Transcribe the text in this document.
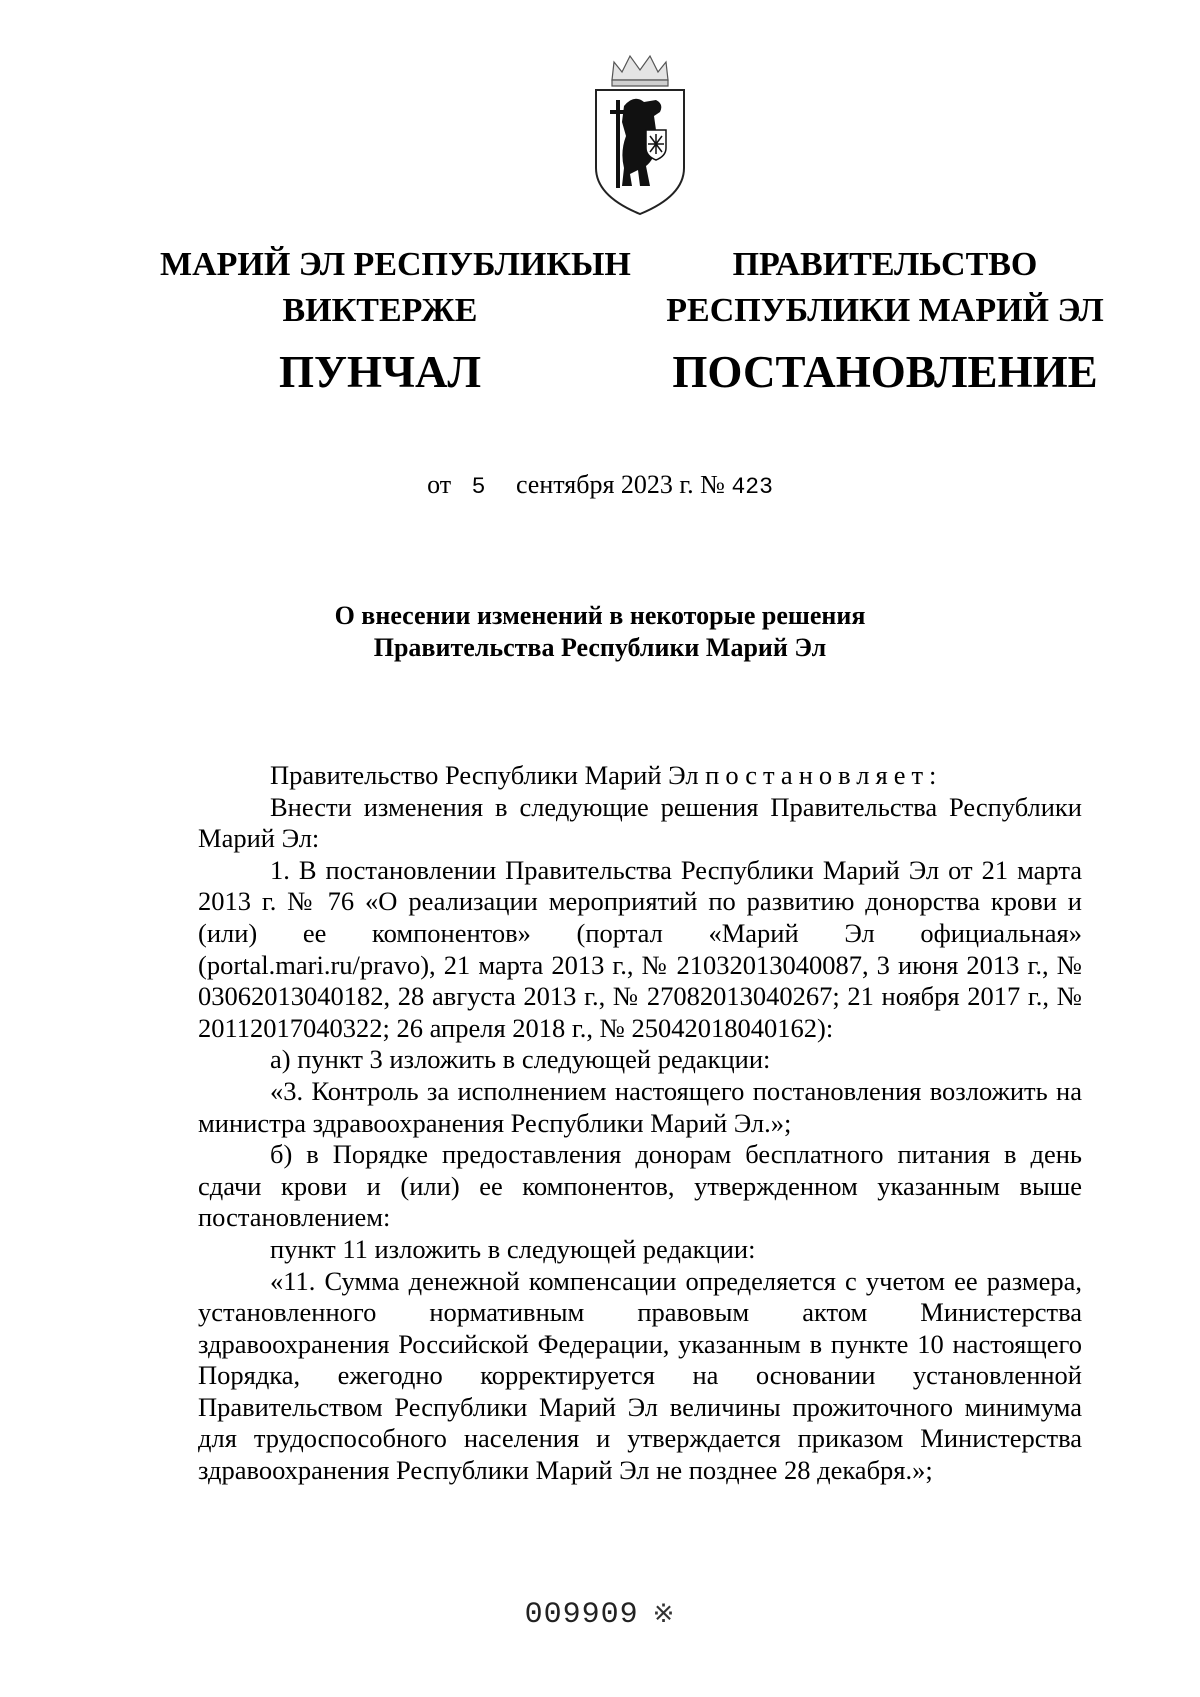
МАРИЙ ЭЛ РЕСПУБЛИКЫН
ВИКТЕРЖЕ
ПУНЧАЛ
ПРАВИТЕЛЬСТВО
РЕСПУБЛИКИ МАРИЙ ЭЛ
ПОСТАНОВЛЕНИЕ
от 5 сентября 2023 г. № 423
О внесении изменений в некоторые решения
Правительства Республики Марий Эл

Правительство Республики Марий Эл постановляет:

Внести изменения в следующие решения Правительства Республики Марий Эл:

1. В постановлении Правительства Республики Марий Эл от 21 марта 2013 г. № 76 «О реализации мероприятий по развитию донорства крови и (или) ее компонентов» (портал «Марий Эл официальная» (portal.mari.ru/pravo), 21 марта 2013 г., № 21032013040087, 3 июня 2013 г., № 03062013040182, 28 августа 2013 г., № 27082013040267; 21 ноября 2017 г., № 20112017040322; 26 апреля 2018 г., № 25042018040162):

а) пункт 3 изложить в следующей редакции:

«3. Контроль за исполнением настоящего постановления возложить на министра здравоохранения Республики Марий Эл.»;

б) в Порядке предоставления донорам бесплатного питания в день сдачи крови и (или) ее компонентов, утвержденном указанным выше постановлением:

пункт 11 изложить в следующей редакции:

«11. Сумма денежной компенсации определяется с учетом ее размера, установленного нормативным правовым актом Министерства здравоохранения Российской Федерации, указанным в пункте 10 настоящего Порядка, ежегодно корректируется на основании установленной Правительством Республики Марий Эл величины прожиточного минимума для трудоспособного населения и утверждается приказом Министерства здравоохранения Республики Марий Эл не позднее 28 декабря.»;

009909 ※
